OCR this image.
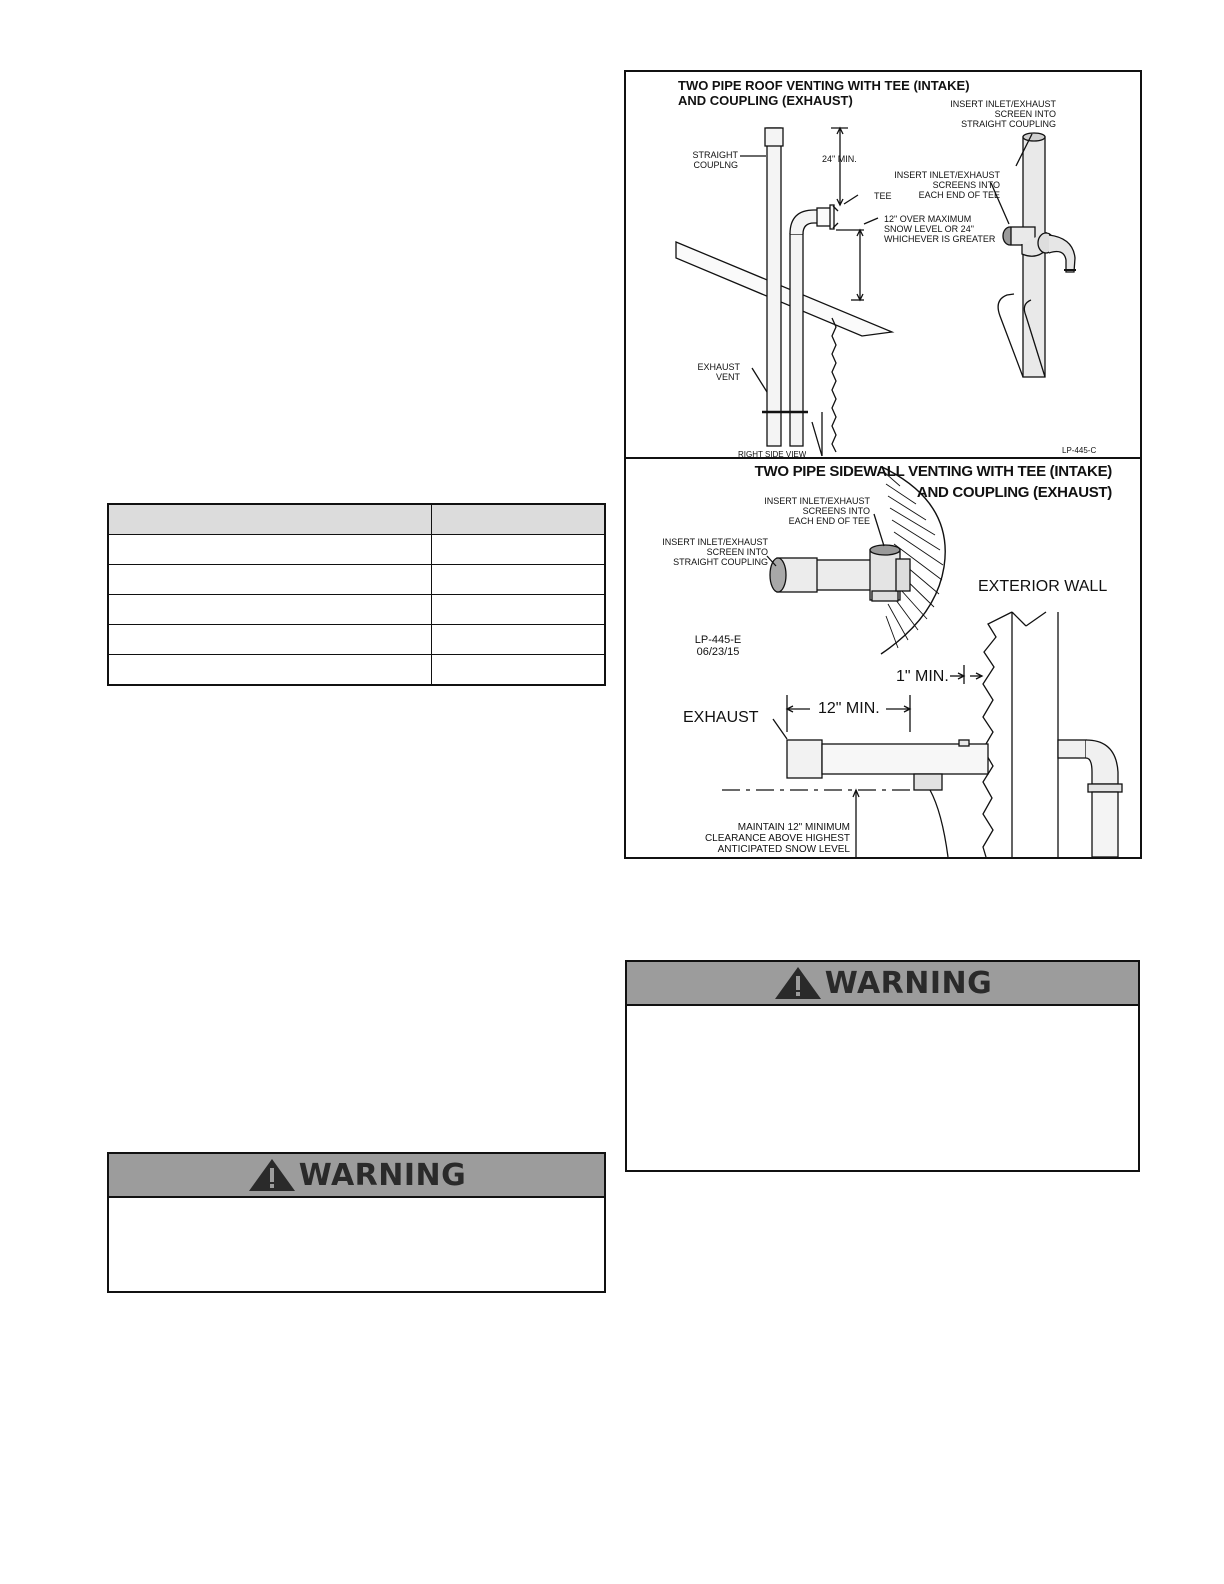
WARNING
WARNING
TWO PIPE ROOF VENTING WITH TEE (INTAKE)
AND COUPLING (EXHAUST)
STRAIGHT
COUPLNG
24" MIN.
TEE
12" OVER MAXIMUM
SNOW LEVEL OR 24"
WHICHEVER IS GREATER
EXHAUST
VENT
RIGHT SIDE VIEW
INSERT INLET/EXHAUST
SCREEN INTO
STRAIGHT COUPLING
INSERT INLET/EXHAUST
SCREENS INTO
EACH END OF TEE
LP-445-C
TWO PIPE SIDEWALL VENTING WITH TEE (INTAKE)
AND COUPLING (EXHAUST)
INSERT INLET/EXHAUST
SCREENS INTO
EACH END OF TEE
INSERT INLET/EXHAUST
SCREEN INTO
STRAIGHT COUPLING
EXTERIOR WALL
LP-445-E
06/23/15
1" MIN.
12" MIN.
EXHAUST
MAINTAIN 12" MINIMUM
CLEARANCE ABOVE HIGHEST
ANTICIPATED SNOW LEVEL
